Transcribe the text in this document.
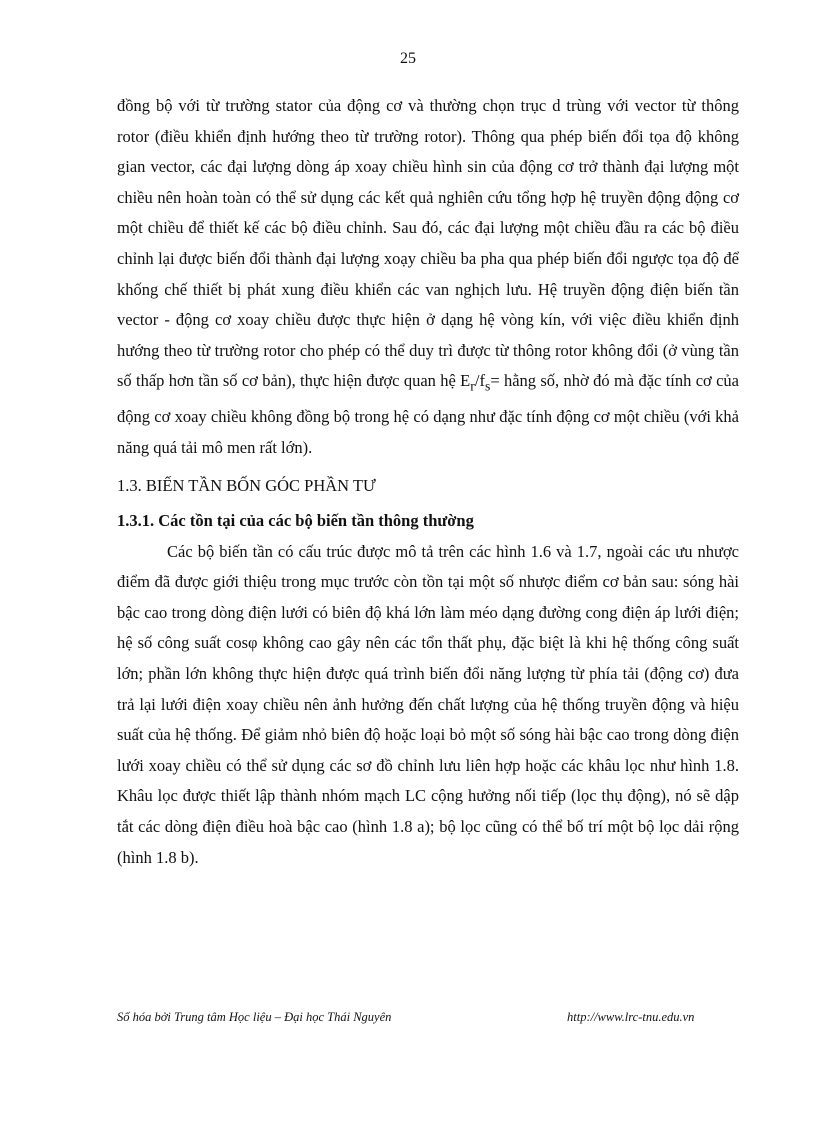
25

đồng bộ với từ trường stator của động cơ và thường chọn trục d trùng với vector từ thông rotor (điều khiển định hướng theo từ trường rotor). Thông qua phép biến đổi tọa độ không gian vector, các đại lượng dòng áp xoay chiều hình sin của động cơ trở thành đại lượng một chiều nên hoàn toàn có thể sử dụng các kết quả nghiên cứu tổng hợp hệ truyền động động cơ một chiều để thiết kế các bộ điều chỉnh. Sau đó, các đại lượng một chiều đầu ra các bộ điều chỉnh lại được biến đổi thành đại lượng xoạy chiều ba pha qua phép biến đổi ngược tọa độ để khống chế thiết bị phát xung điều khiển các van nghịch lưu. Hệ truyền động điện biến tần vector - động cơ xoay chiều được thực hiện ở dạng hệ vòng kín, với việc điều khiển định hướng theo từ trường rotor cho phép có thể duy trì được từ thông rotor không đổi (ở vùng tần số thấp hơn tần số cơ bản), thực hiện được quan hệ $E_r/f_s=$ hằng số, nhờ đó mà đặc tính cơ của động cơ xoay chiều không đồng bộ trong hệ có dạng như đặc tính động cơ một chiều (với khả năng quá tải mô men rất lớn).

1.3. BIẾN TẦN BỐN GÓC PHẦN TƯ
1.3.1. Các tồn tại của các bộ biến tần thông thường

Các bộ biến tần có cấu trúc được mô tả trên các hình 1.6 và 1.7, ngoài các ưu nhược điểm đã được giới thiệu trong mục trước còn tồn tại một số nhược điểm cơ bản sau: sóng hài bậc cao trong dòng điện lưới có biên độ khá lớn làm méo dạng đường cong điện áp lưới điện; hệ số công suất cosφ không cao gây nên các tổn thất phụ, đặc biệt là khi hệ thống công suất lớn; phần lớn không thực hiện được quá trình biến đổi năng lượng từ phía tải (động cơ) đưa trả lại lưới điện xoay chiều nên ảnh hưởng đến chất lượng của hệ thống truyền động và hiệu suất của hệ thống. Để giảm nhỏ biên độ hoặc loại bỏ một số sóng hài bậc cao trong dòng điện lưới xoay chiều có thể sử dụng các sơ đồ chỉnh lưu liên hợp hoặc các khâu lọc như hình 1.8. Khâu lọc được thiết lập thành nhóm mạch LC cộng hưởng nối tiếp (lọc thụ động), nó sẽ dập tắt các dòng điện điều hoà bậc cao (hình 1.8 a); bộ lọc cũng có thể bố trí một bộ lọc dải rộng (hình 1.8 b).

Số hóa bởi Trung tâm Học liệu – Đại học Thái Nguyên	http://www.lrc-tnu.edu.vn
